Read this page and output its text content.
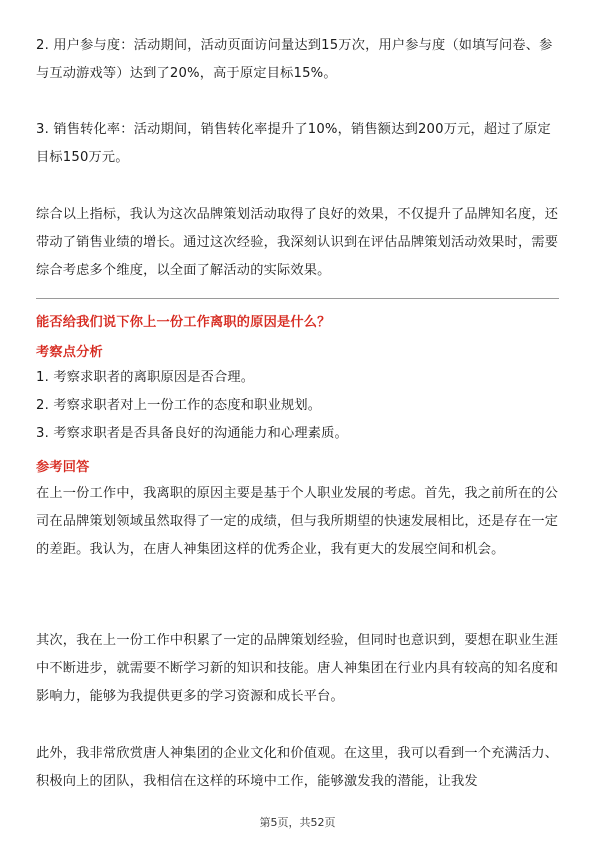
2. 用户参与度：活动期间，活动页面访问量达到15万次，用户参与度（如填写问卷、参与互动游戏等）达到了20%，高于原定目标15%。

3. 销售转化率：活动期间，销售转化率提升了10%，销售额达到200万元，超过了原定目标150万元。

综合以上指标，我认为这次品牌策划活动取得了良好的效果，不仅提升了品牌知名度，还带动了销售业绩的增长。通过这次经验，我深刻认识到在评估品牌策划活动效果时，需要综合考虑多个维度，以全面了解活动的实际效果。

能否给我们说下你上一份工作离职的原因是什么？

考察点分析

1. 考察求职者的离职原因是否合理。

2. 考察求职者对上一份工作的态度和职业规划。

3. 考察求职者是否具备良好的沟通能力和心理素质。

参考回答

在上一份工作中，我离职的原因主要是基于个人职业发展的考虑。首先，我之前所在的公司在品牌策划领域虽然取得了一定的成绩，但与我所期望的快速发展相比，还是存在一定的差距。我认为，在唐人神集团这样的优秀企业，我有更大的发展空间和机会。

其次，我在上一份工作中积累了一定的品牌策划经验，但同时也意识到，要想在职业生涯中不断进步，就需要不断学习新的知识和技能。唐人神集团在行业内具有较高的知名度和影响力，能够为我提供更多的学习资源和成长平台。

此外，我非常欣赏唐人神集团的企业文化和价值观。在这里，我可以看到一个充满活力、积极向上的团队，我相信在这样的环境中工作，能够激发我的潜能，让我发

第5页，共52页
